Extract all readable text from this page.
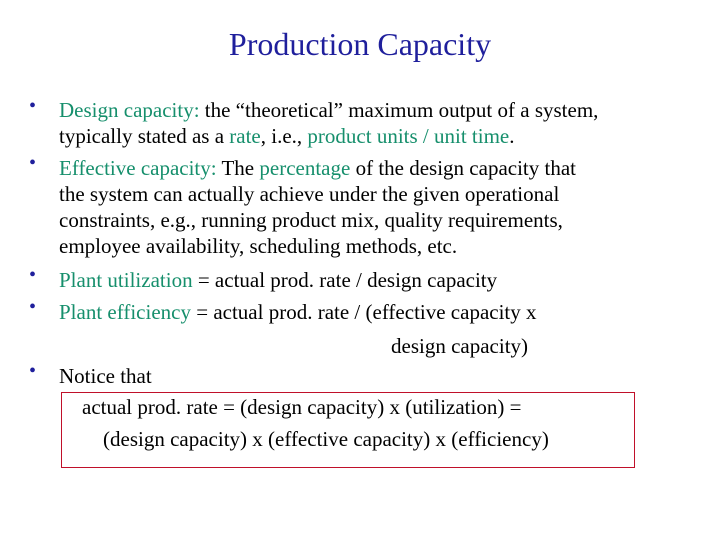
Production Capacity
• Design capacity: the “theoretical” maximum output of a system,
typically stated as a rate, i.e., product units / unit time.
• Effective capacity: The percentage of the design capacity that
the system can actually achieve under the given operational
constraints, e.g., running product mix, quality requirements,
employee availability, scheduling methods, etc.
• Plant utilization = actual prod. rate / design capacity
• Plant efficiency = actual prod. rate / (effective capacity x
design capacity)
• Notice that
actual prod. rate = (design capacity) x (utilization) =
(design capacity) x (effective capacity) x (efficiency)
